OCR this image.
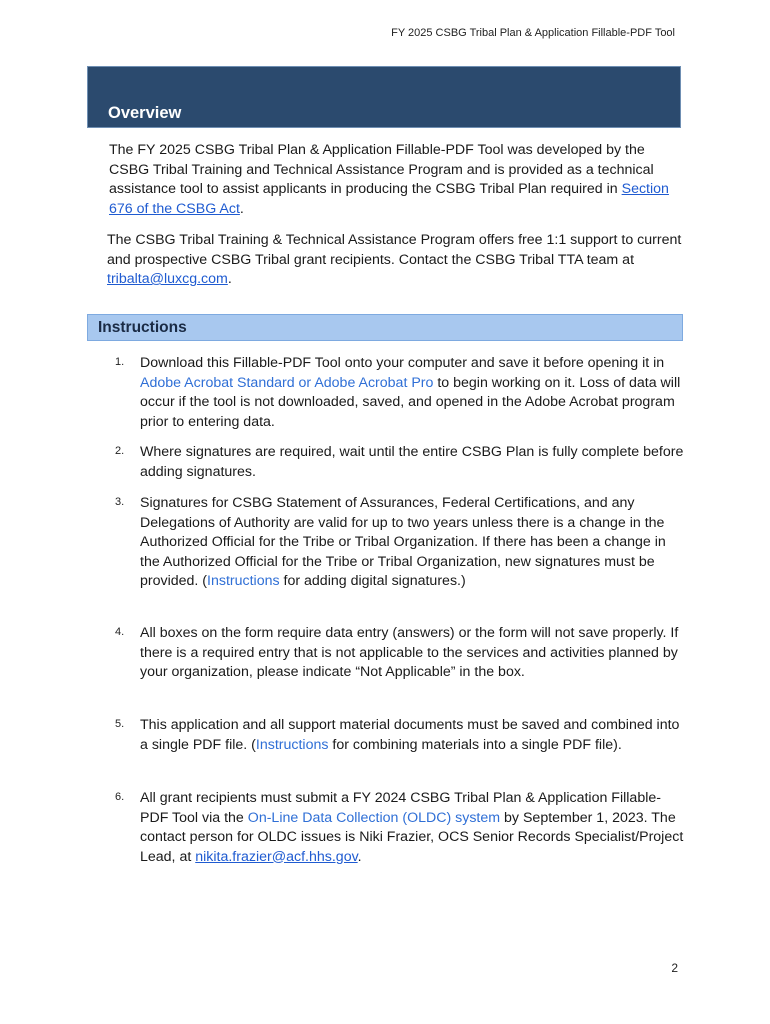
FY 2025 CSBG Tribal Plan & Application Fillable-PDF Tool
Overview

The FY 2025 CSBG Tribal Plan & Application Fillable-PDF Tool was developed by the CSBG Tribal Training and Technical Assistance Program and is provided as a technical assistance tool to assist applicants in producing the CSBG Tribal Plan required in Section 676 of the CSBG Act.

The CSBG Tribal Training & Technical Assistance Program offers free 1:1 support to current and prospective CSBG Tribal grant recipients. Contact the CSBG Tribal TTA team at tribalta@luxcg.com.

Instructions
1. Download this Fillable-PDF Tool onto your computer and save it before opening it in Adobe Acrobat Standard or Adobe Acrobat Pro to begin working on it. Loss of data will occur if the tool is not downloaded, saved, and opened in the Adobe Acrobat program prior to entering data.

2. Where signatures are required, wait until the entire CSBG Plan is fully complete before adding signatures.

3. Signatures for CSBG Statement of Assurances, Federal Certifications, and any Delegations of Authority are valid for up to two years unless there is a change in the Authorized Official for the Tribe or Tribal Organization. If there has been a change in the Authorized Official for the Tribe or Tribal Organization, new signatures must be provided. (Instructions for adding digital signatures.)

4. All boxes on the form require data entry (answers) or the form will not save properly. If there is a required entry that is not applicable to the services and activities planned by your organization, please indicate “Not Applicable” in the box.

5. This application and all support material documents must be saved and combined into a single PDF file. (Instructions for combining materials into a single PDF file).

6. All grant recipients must submit a FY 2024 CSBG Tribal Plan & Application Fillable-PDF Tool via the On-Line Data Collection (OLDC) system by September 1, 2023. The contact person for OLDC issues is Niki Frazier, OCS Senior Records Specialist/Project Lead, at nikita.frazier@acf.hhs.gov.

2
